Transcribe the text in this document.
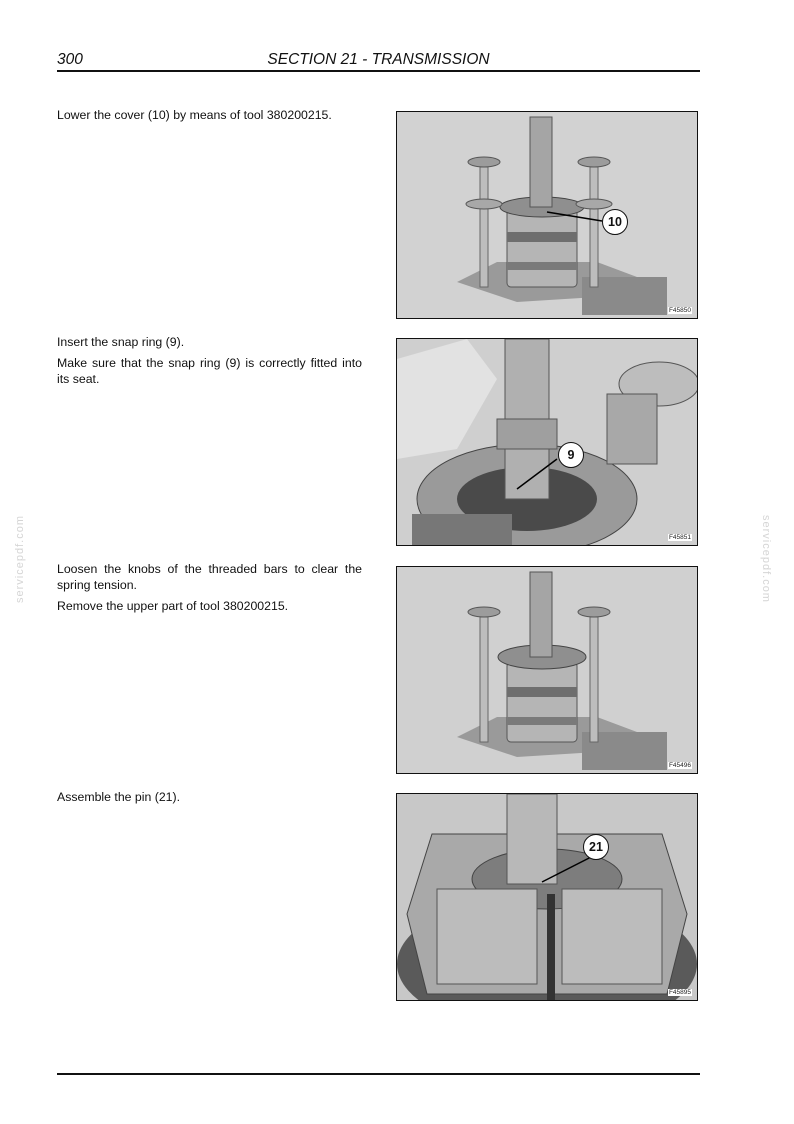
300	SECTION 21 - TRANSMISSION
servicepdf.com	servicepdf.com

Lower the cover (10) by means of tool 380200215.

10
F45850

Insert the snap ring (9).

Make sure that the snap ring (9) is correctly fitted into its seat.

9
F45851

Loosen the knobs of the threaded bars to clear the spring tension.

Remove the upper part of tool 380200215.

F45496

Assemble the pin (21).

21
F45895
